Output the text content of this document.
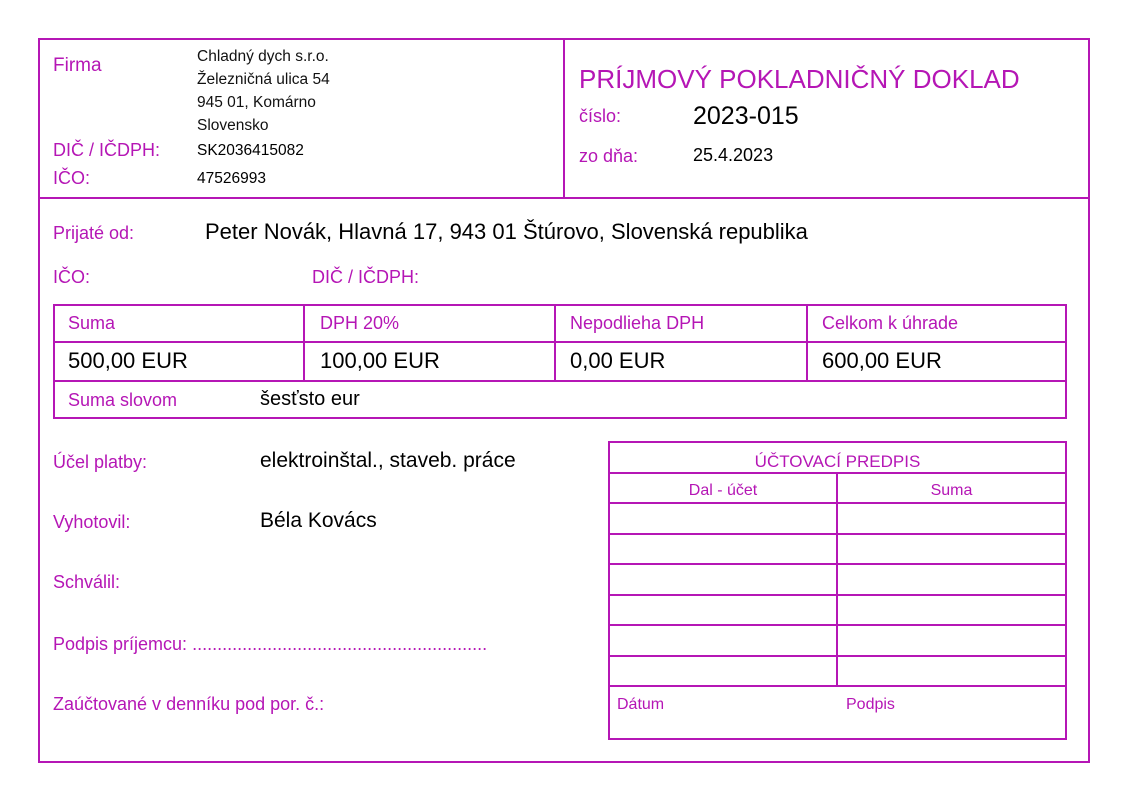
Firma	Chladný dych s.r.o.
Železničná ulica 54
945 01, Komárno
Slovensko
DIČ / IČDPH: SK2036415082
IČO:	47526993
PRÍJMOVÝ POKLADNIČNÝ DOKLAD
číslo:	2023-015
zo dňa:	25.4.2023
Prijaté od:	Peter Novák, Hlavná 17, 943 01 Štúrovo, Slovenská republika
IČO:	DIČ / IČDPH:
Suma	DPH 20%	Nepodlieha DPH	Celkom k úhrade
500,00 EUR	100,00 EUR	0,00 EUR	600,00 EUR
Suma slovom	šesťsto eur
Účel platby:	elektroinštal., staveb. práce
Vyhotovil:	Béla Kovács
Schválil:
Podpis príjemcu: ...........................................................
Zaúčtované v denníku pod por. č.:
ÚČTOVACÍ PREDPIS
Dal - účet	Suma
Dátum	Podpis
